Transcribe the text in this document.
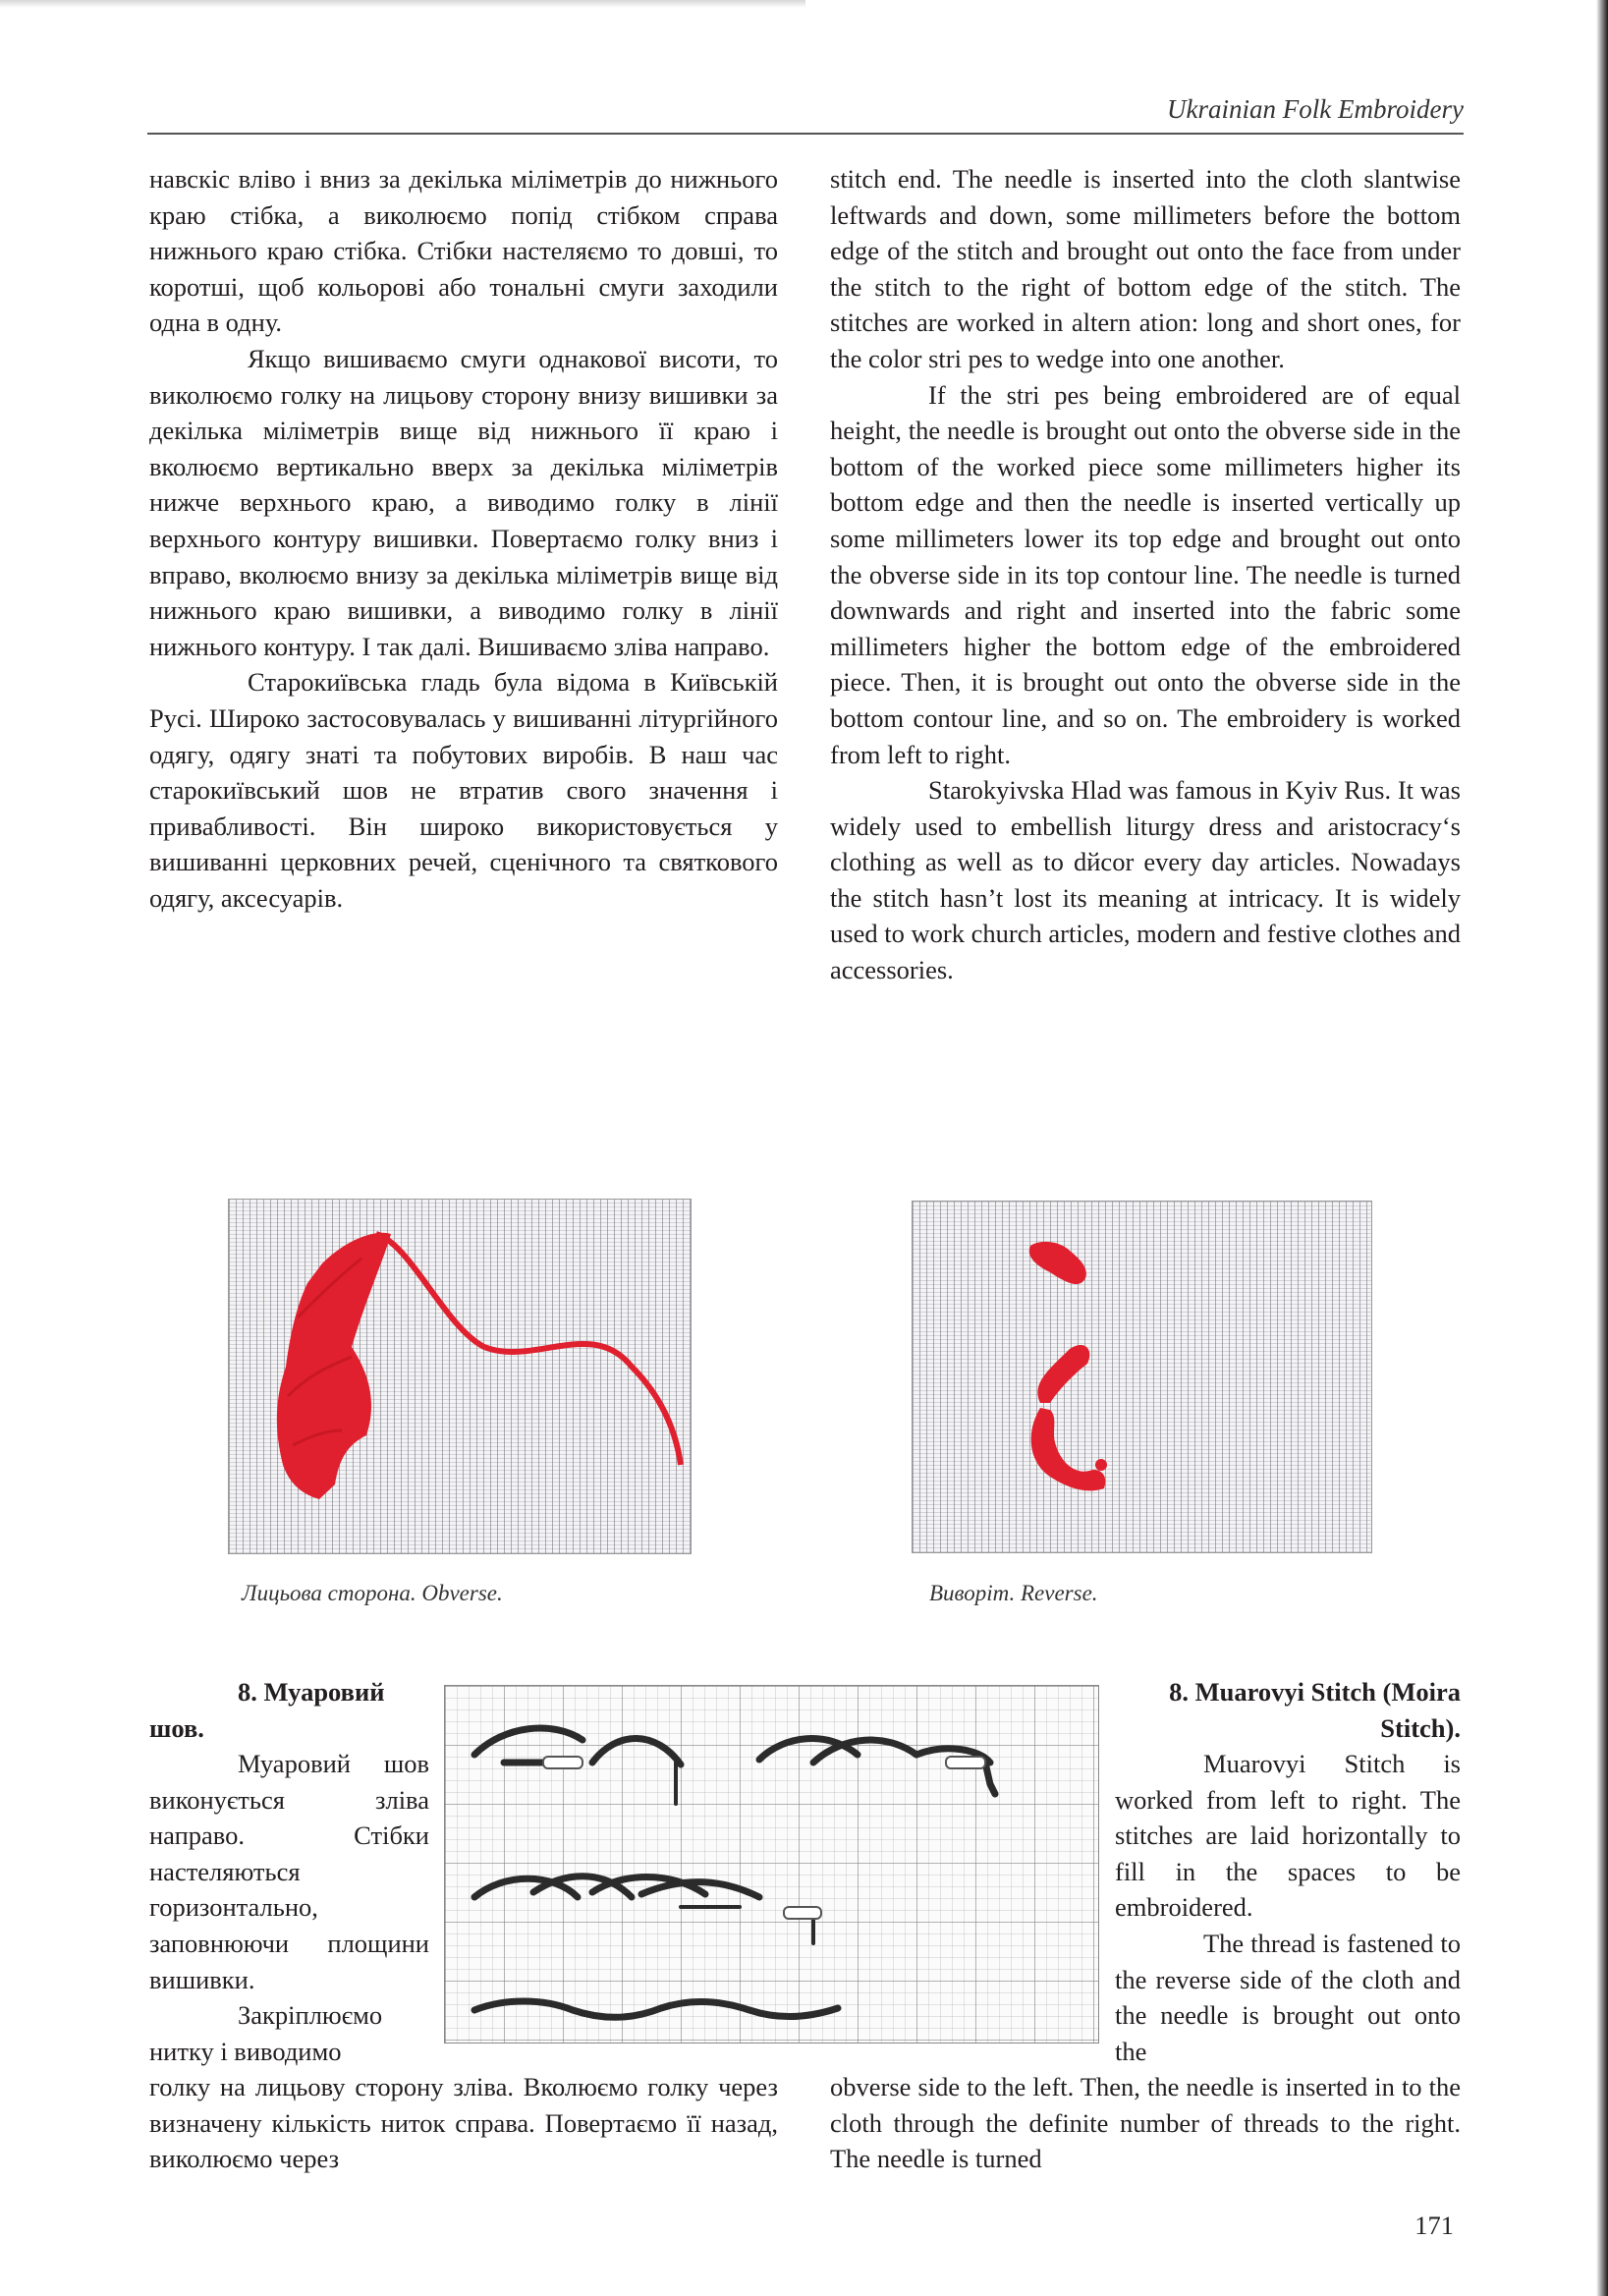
Ukrainian Folk Embroidery

навскіс вліво і вниз за декілька міліметрів до нижнього краю стібка, а виколюємо попід стібком справа нижнього краю стібка. Стібки настеляємо то довші, то коротші, щоб кольорові або тональні смуги заходили одна в одну.

Якщо вишиваємо смуги однакової висоти, то виколюємо голку на лицьову сторону внизу вишивки за декілька міліметрів вище від нижнього її краю і вколюємо вертикально вверх за декілька міліметрів нижче верхнього краю, а виводимо голку в лінії верхнього контуру вишивки. Повертаємо голку вниз і вправо, вколюємо внизу за декілька міліметрів вище від нижнього краю вишивки, а виводимо голку в лінії нижнього контуру. І так далі. Вишиваємо зліва направо.

Старокиївська гладь була відома в Київській Русі. Широко застосовувалась у вишиванні літургійного одягу, одягу знаті та побутових виробів. В наш час старокиївський шов не втратив свого значення і привабливості. Він широко використовується у вишиванні церковних речей, сценічного та святкового одягу, аксесуарів.

stitch end. The needle is inserted into the cloth slantwise leftwards and down, some millimeters before the bottom edge of the stitch and brought out onto the face from under the stitch to the right of bottom edge of the stitch. The stitches are worked in altern ation: long and short ones, for the color stri pes to wedge into one another.

If the stri pes being embroidered are of equal height, the needle is brought out onto the obverse side in the bottom of the worked piece some millimeters higher its bottom edge and then the needle is inserted vertically up some millimeters lower its top edge and brought out onto the obverse side in its top contour line. The needle is turned downwards and right and inserted into the fabric some millimeters higher the bottom edge of the embroidered piece. Then, it is brought out onto the obverse side in the bottom contour line, and so on. The embroidery is worked from left to right.

Starokyivska Hlad was famous in Kyiv Rus. It was widely used to embellish liturgy dress and aristocracy‘s clothing as well as to dйcor every day articles. Nowadays the stitch hasn’t lost its meaning at intricacy. It is widely used to work church articles, modern and festive clothes and accessories.

Лицьова сторона. Obverse.	Виворіт. Reverse.
8. Муаровий
шов.

Муаровий шов виконується зліва направо. Стібки настеляються горизонтально, заповнюючи площини вишивки.

Закріплюємо нитку і виводимо

голку на лицьову сторону зліва. Вколюємо голку через визначену кількість ниток справа. Повертаємо її назад, виколюємо через
8. Muarovyi Stitch (Moira Stitch).

Muarovyi Stitch is worked from left to right. The stitches are laid horizontally to fill in the spaces to be embroidered.

The thread is fastened to the reverse side of the cloth and the needle is brought out onto the

obverse side to the left. Then, the needle is inserted in to the cloth through the definite number of threads to the right. The needle is turned
171
